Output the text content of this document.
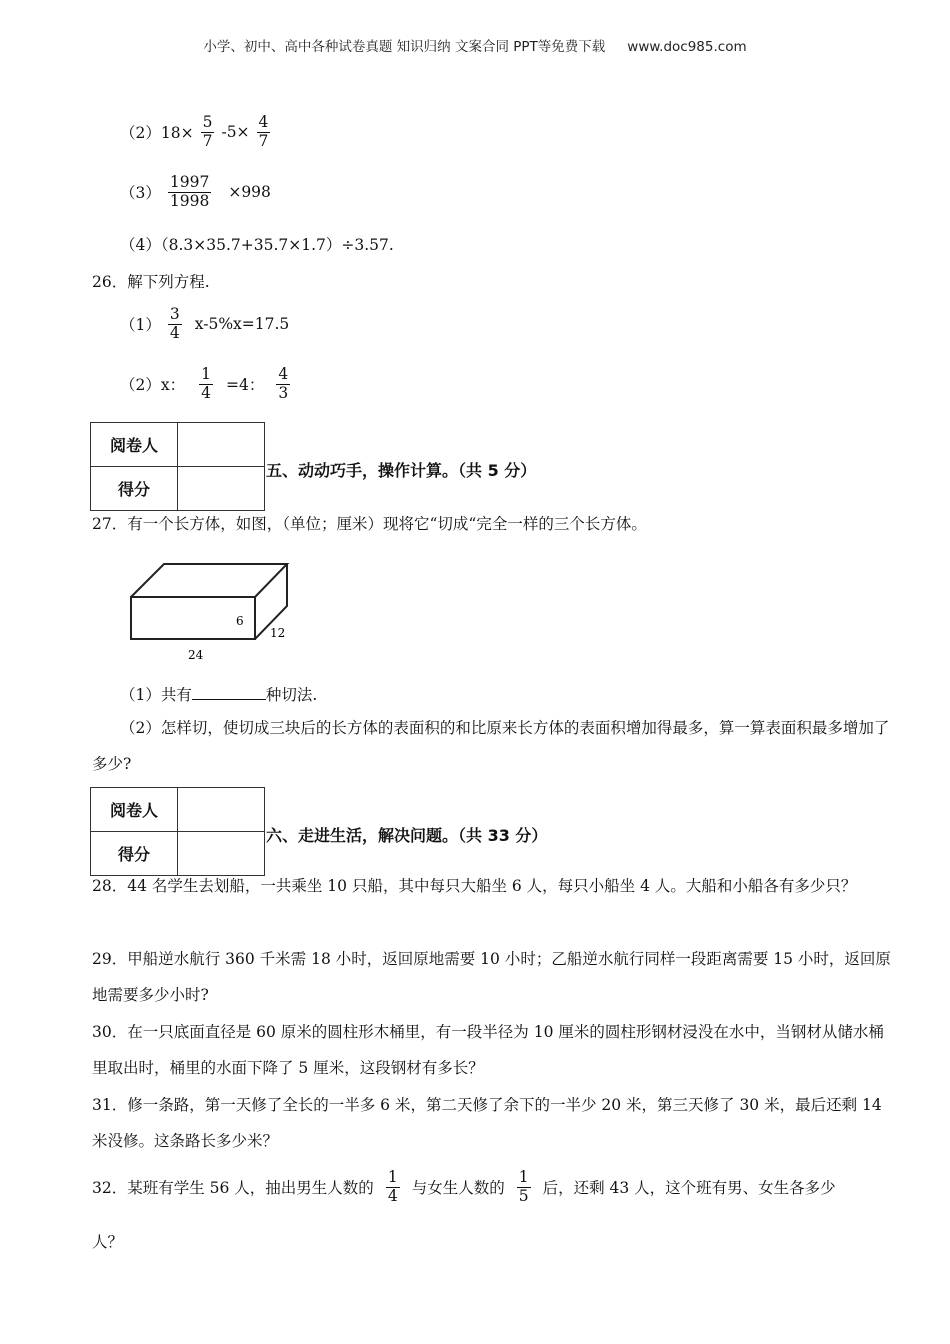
小学、初中、高中各种试卷真题 知识归纳 文案合同 PPT等免费下载 www.doc985.com
$(2)18\times \frac{5}{7} -5\times \frac{4}{7}$
$(3) \frac{1997}{1998} \times 998$
（4）（8.3×35.7+35.7×1.7）÷3.57.
26．解下列方程.
$(1) \frac{3}{4} x-5\%x=17.5$
（2）x： $\frac{1}{4} =4$： $\frac{4}{3}$
阅卷人	
得分	
五、动动巧手，操作计算。（共 5 分）
27．有一个长方体，如图，（单位；厘米）现将它“切成“完全一样的三个长方体。
6
12
24
（1）共有	种切法.
（2）怎样切，使切成三块后的长方体的表面积的和比原来长方体的表面积增加得最多，算一算表面积最多增加了多少?
阅卷人	
得分	
六、走进生活，解决问题。（共 33 分）
28．44 名学生去划船，一共乘坐 10 只船，其中每只大船坐 6 人，每只小船坐 4 人。大船和小船各有多少只？
29．甲船逆水航行 360 千米需 18 小时，返回原地需要 10 小时；乙船逆水航行同样一段距离需要 15 小时，返回原地需要多少小时?
30．在一只底面直径是 60 原米的圆柱形木桶里，有一段半径为 10 厘米的圆柱形钢材浸没在水中，当钢材从储水桶里取出时，桶里的水面下降了 5 厘米，这段钢材有多长？
31．修一条路，第一天修了全长的一半多 6 米，第二天修了余下的一半少 20 米，第三天修了 30 米，最后还剩 14 米没修。这条路长多少米？
32．某班有学生 56 人，抽出男生人数的 $\frac{1}{4}$ 与女生人数的 $\frac{1}{5}$ 后，还剩 43 人，这个班有男、女生各多少
人？
